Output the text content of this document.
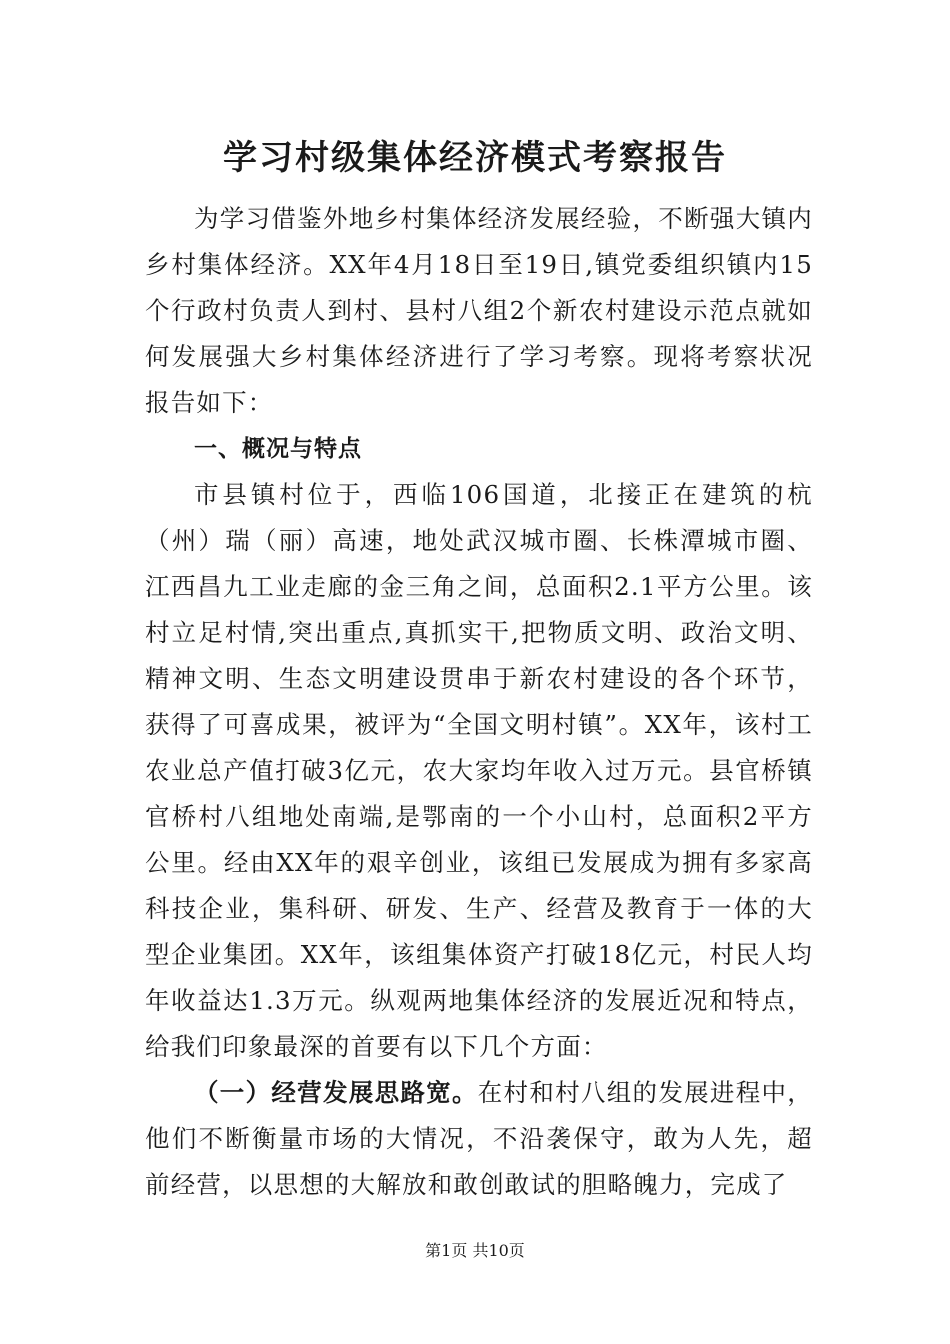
学习村级集体经济模式考察报告

为学习借鉴外地乡村集体经济发展经验，不断强大镇内乡村集体经济。XX年4月18日至19日,镇党委组织镇内15个行政村负责人到村、县村八组2个新农村建设示范点就如何发展强大乡村集体经济进行了学习考察。现将考察状况报告如下：

一、概况与特点

市县镇村位于，西临106国道，北接正在建筑的杭（州）瑞（丽）高速，地处武汉城市圈、长株潭城市圈、江西昌九工业走廊的金三角之间，总面积2.1平方公里。该村立足村情,突出重点,真抓实干,把物质文明、政治文明、精神文明、生态文明建设贯串于新农村建设的各个环节，获得了可喜成果，被评为“全国文明村镇”。XX年，该村工农业总产值打破3亿元，农大家均年收入过万元。县官桥镇官桥村八组地处南端,是鄂南的一个小山村，总面积2平方公里。经由XX年的艰辛创业，该组已发展成为拥有多家高科技企业，集科研、研发、生产、经营及教育于一体的大型企业集团。XX年，该组集体资产打破18亿元，村民人均年收益达1.3万元。纵观两地集体经济的发展近况和特点，给我们印象最深的首要有以下几个方面：

（一）经营发展思路宽。在村和村八组的发展进程中，他们不断衡量市场的大情况，不沿袭保守，敢为人先，超前经营，以思想的大解放和敢创敢试的胆略魄力，完成了

第1页 共10页
